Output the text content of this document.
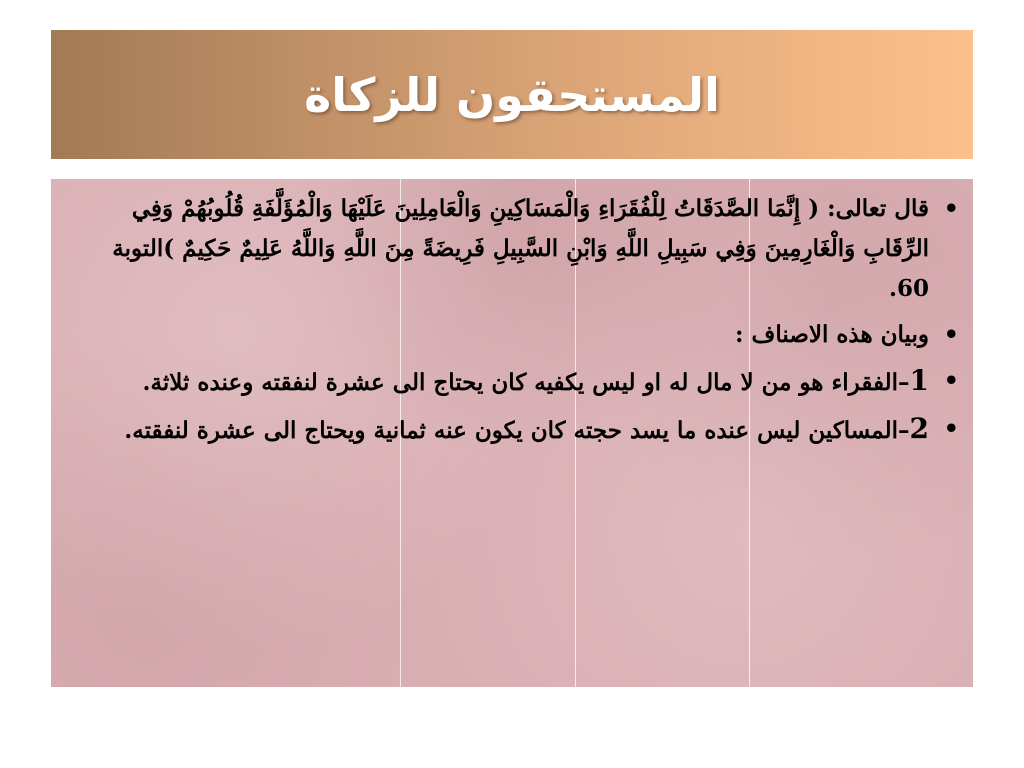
المستحقون للزكاة
• قال تعالى: ( إِنَّمَا الصَّدَقَاتُ لِلْفُقَرَاءِ وَالْمَسَاكِينِ وَالْعَامِلِينَ عَلَيْهَا وَالْمُؤَلَّفَةِ قُلُوبُهُمْ وَفِي الرِّقَابِ وَالْغَارِمِينَ وَفِي سَبِيلِ اللَّهِ وَابْنِ السَّبِيلِ فَرِيضَةً مِنَ اللَّهِ وَاللَّهُ عَلِيمٌ حَكِيمٌ )التوبة 60.
• وبيان هذه الاصناف :
• 1–الفقراء هو من لا مال له او ليس يكفيه كان يحتاج الى عشرة لنفقته وعنده ثلاثة.
• 2–المساكين ليس عنده ما يسد حجته كان يكون عنه ثمانية ويحتاج الى عشرة لنفقته.
